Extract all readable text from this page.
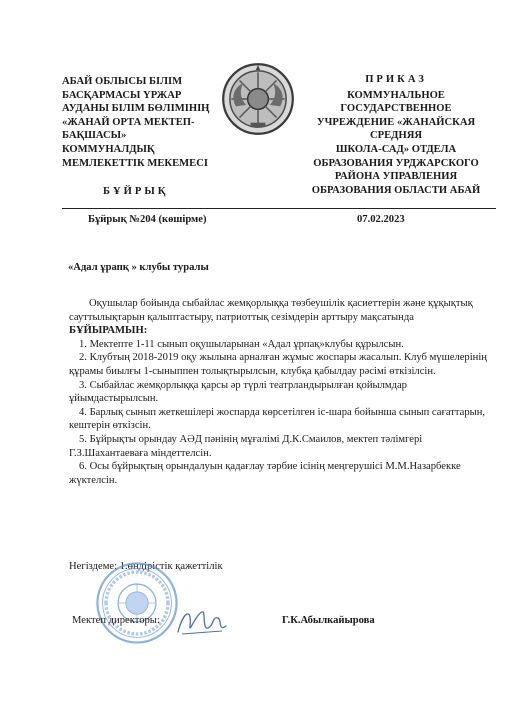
АБАЙ ОБЛЫСЫ БІЛІМ
БАСҚАРМАСЫ ҮРЖАР
АУДАНЫ БІЛІМ БӨЛІМІНІҢ
«ЖАНАЙ ОРТА МЕКТЕП-
БАҚШАСЫ»
КОММУНАЛДЫҚ
МЕМЛЕКЕТТІК МЕКЕМЕСІ
БҰЙРЫҚ
ПРИКАЗ
КОММУНАЛЬНОЕ
ГОСУДАРСТВЕННОЕ
УЧРЕЖДЕНИЕ «ЖАНАЙСКАЯ
СРЕДНЯЯ
ШКОЛА-САД» ОТДЕЛА
ОБРАЗОВАНИЯ УРДЖАРСКОГО
РАЙОНА УПРАВЛЕНИЯ
ОБРАЗОВАНИЯ ОБЛАСТИ АБАЙ
Бұйрық №204 (көшірме)	07.02.2023
«Адал ұрапқ » клубы туралы

Оқушылар бойында сыбайлас жемқорлыққа төзбеушілік қасиеттерін жәнe құқықтық сауттылықтарын қалыптастыру, патриоттық сезімдерін арттыру мақсатында БҰЙЫРАМЫН:

1. Мектепте 1-11 сынып оқушыларынан «Адал ұрпақ»клубы құрылсын.

2. Клубтың 2018-2019 оқу жылына арналған жұмыс жоспары жасалып. Клуб мүшелерінің құрамы биылғы 1-сыныппен толықтырылсын, клубқа қабылдау рәсімі өткізілсін.

3. Сыбайлас жемқорлыққа қарсы әр түрлі театрландырылған қойылмдар ұйымдастырылсын.

4. Барлық сынып жеткешілері жоспарда көрсетілген іс-шара бойынша сынып сағаттарын, кештерін өткізсін.

5. Бұйрықты орындау АӘД пәнінің мұғалімі Д.К.Смаилов, мектеп тәлімгері Г.З.Шахантаеваға міндеттелсін.

6. Осы бұйрықтың орындалуын қадағлау тәрбие ісінің меңгерушісі М.М.Назарбекке жүктелсін.

Негіздеме: 1.өндірістік қажеттілік
Мектеп директоры:	Г.К.Абылкайырова
